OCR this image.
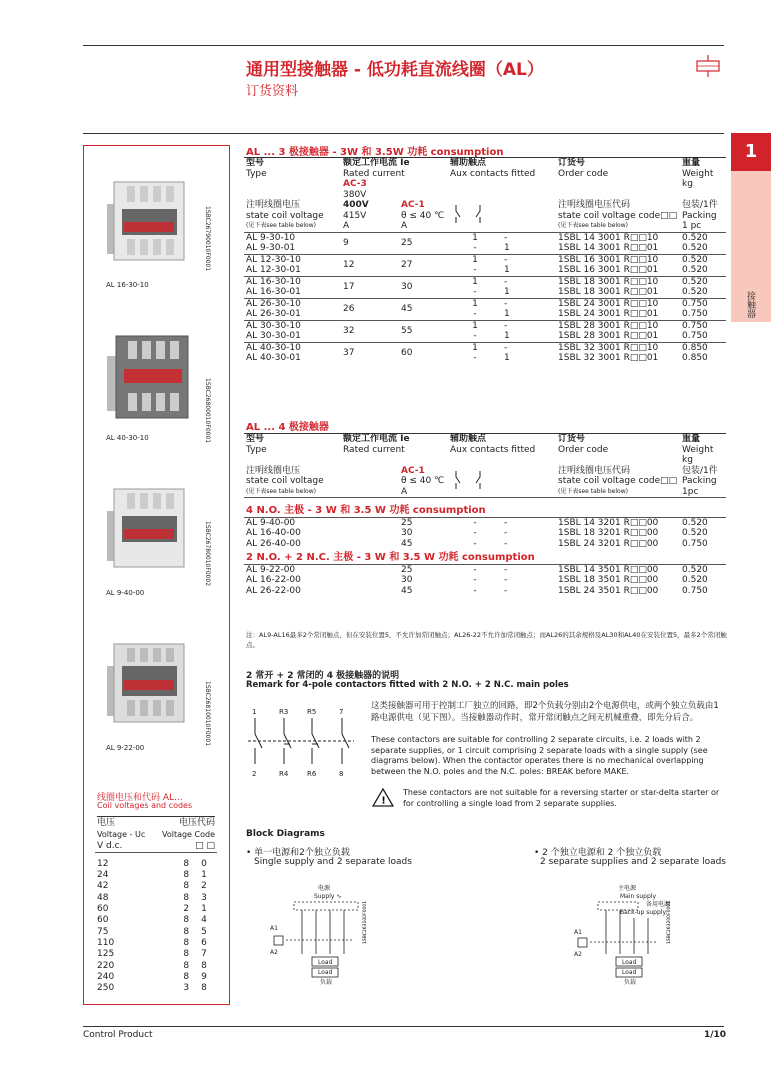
通用型接触器 - 低功耗直流线圈（AL）
订货资料
1
接触器
AL 16-30-10
1SBC26790010F0001
AL 40-30-10	1SBC26800010F0001
AL 9-40-00
1SBC26780010F0002
AL 9-22-00
1SBC26810010F0001
线圈电压和代码 AL...
Coil voltages and codes
电压	电压代码	
Voltage - Uc	Voltage Code	
V d.c.	□ □	

12	8	0
24	8	1
42	8	2
48	8	3
60	2	1
60	8	4
75	8	5
110	8	6
125	8	7
220	8	8
240	8	9
250	3	8
AL ... 3 极接触器 - 3W 和 3.5W 功耗 consumption
型号	额定工作电流 Ie		辅助触点		订货号	重量
Type	Rated current		Aux contacts fitted		Order code	Weight
	AC-3					kg
	380V					
注明线圈电压	400V	AC-1			注明线圈电压代码	包装/1件
state coil voltage	415V	θ ≤ 40 ℃			state coil voltage code□□	Packing
(见下表see table below)	A	A			(见下表see table below)	1 pc
AL 9-30-10	9	25	1	-	1SBL 14 3001 R□□10	0.520
AL 9-30-01			-	1	1SBL 14 3001 R□□01	0.520
AL 12-30-10	12	27	1	-	1SBL 16 3001 R□□10	0.520
AL 12-30-01			-	1	1SBL 16 3001 R□□01	0.520
AL 16-30-10	17	30	1	-	1SBL 18 3001 R□□10	0.520
AL 16-30-01			-	1	1SBL 18 3001 R□□01	0.520
AL 26-30-10	26	45	1	-	1SBL 24 3001 R□□10	0.750
AL 26-30-01			-	1	1SBL 24 3001 R□□01	0.750
AL 30-30-10	32	55	1	-	1SBL 28 3001 R□□10	0.750
AL 30-30-01			-	1	1SBL 28 3001 R□□01	0.750
AL 40-30-10	37	60	1	-	1SBL 32 3001 R□□10	0.850
AL 40-30-01			-	1	1SBL 32 3001 R□□01	0.850
AL ... 4 极接触器
型号	额定工作电流 Ie		辅助触点		订货号	重量
Type	Rated current		Aux contacts fitted		Order code	Weight
						kg
注明线圈电压		AC-1			注明线圈电压代码	包装/1件
state coil voltage		θ ≤ 40 ℃			state coil voltage code□□	Packing
(见下表see table below)		A			(见下表see table below)	1pc
4 N.O. 主极 - 3 W 和 3.5 W 功耗 consumption						
AL 9-40-00		25	-	-	1SBL 14 3201 R□□00	0.520
AL 16-40-00		30	-	-	1SBL 18 3201 R□□00	0.520
AL 26-40-00		45	-	-	1SBL 24 3201 R□□00	0.750
2 N.O. + 2 N.C. 主极 - 3 W 和 3.5 W 功耗 consumption						
AL 9-22-00		25	-	-	1SBL 14 3501 R□□00	0.520
AL 16-22-00		30	-	-	1SBL 18 3501 R□□00	0.520
AL 26-22-00		45	-	-	1SBL 24 3501 R□□00	0.750
注：AL9-AL16最多2个常闭触点，但在安装位置5，不允许加常闭触点；AL26-22不允许加常闭触点；而AL26的其余规格及AL30和AL40在安装位置5，最多2个常闭触点。
2 常开 + 2 常闭的 4 极接触器的说明
Remark for 4-pole contactors fitted with 2 N.O. + 2 N.C. main poles
1	R3	R5	7
2	R4	R6	8
这类接触器可用于控制工厂独立的回路，即2个负载分别由2个电源供电，或两个独立负载由1路电源供电（见下图）。当接触器动作时，常开常闭触点之间无机械重叠，即先分后合。
These contactors are suitable for controlling 2 separate circuits, i.e. 2 loads with 2 separate supplies, or 1 circuit comprising 2 separate loads with a single supply (see diagrams below). When the contactor operates there is no mechanical overlapping between the N.O. poles and the N.C. poles: BREAK before MAKE.
!
These contactors are not suitable for a reversing starter or star-delta starter or for controlling a single load from 2 separate supplies.
Block Diagrams
• 单一电源和2个独立负载
Single supply and 2 separate loads
• 2 个独立电源和 2 个独立负载
2 separate supplies and 2 separate loads
电源
Supply ∿
A1
A2
Load
Load
负载
1SBC263100F0001
主电源
Main supply
备用电源
Back-up supply
A1
A2
Load
Load
负载
1SBC263200F0001
Control Product	1/10
